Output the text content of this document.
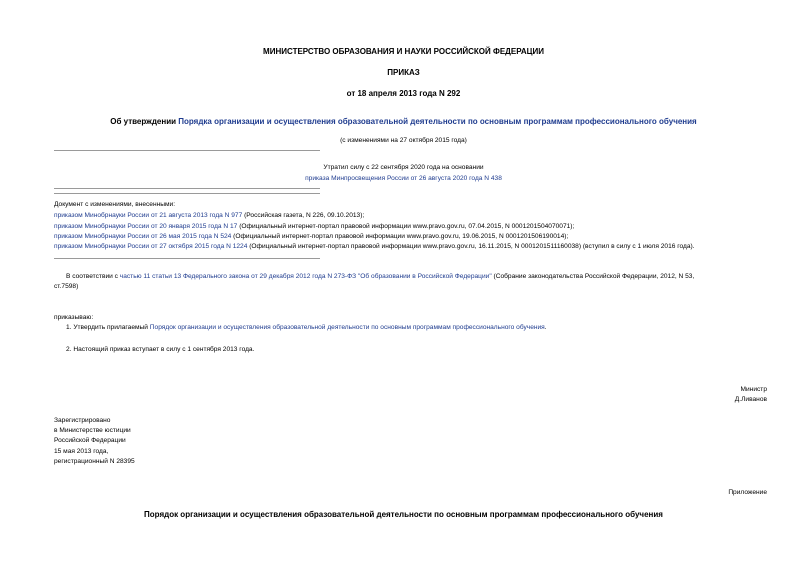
МИНИСТЕРСТВО ОБРАЗОВАНИЯ И НАУКИ РОССИЙСКОЙ ФЕДЕРАЦИИ
ПРИКАЗ
от 18 апреля 2013 года N 292
Об утверждении Порядка организации и осуществления образовательной деятельности по основным программам профессионального обучения
(с изменениями на 27 октября 2015 года)
Утратил силу с 22 сентября 2020 года на основании
приказа Минпросвещения России от 26 августа 2020 года N 438
Документ с изменениями, внесенными:
приказом Минобрнауки России от 21 августа 2013 года N 977 (Российская газета, N 226, 09.10.2013);
приказом Минобрнауки России от 20 января 2015 года N 17 (Официальный интернет-портал правовой информации www.pravo.gov.ru, 07.04.2015, N 0001201504070071);
приказом Минобрнауки России от 26 мая 2015 года N 524 (Официальный интернет-портал правовой информации www.pravo.gov.ru, 19.06.2015, N 0001201506190014);
приказом Минобрнауки России от 27 октября 2015 года N 1224 (Официальный интернет-портал правовой информации www.pravo.gov.ru, 16.11.2015, N 0001201511160038) (вступил в силу с 1 июля 2016 года).
В соответствии с частью 11 статьи 13 Федерального закона от 29 декабря 2012 года N 273-ФЗ "Об образовании в Российской Федерации" (Собрание законодательства Российской Федерации, 2012, N 53,
ст.7598)
приказываю:
1. Утвердить прилагаемый Порядок организации и осуществления образовательной деятельности по основным программам профессионального обучения.
2. Настоящий приказ вступает в силу с 1 сентября 2013 года.
Министр
Д.Ливанов
Зарегистрировано
в Министерстве юстиции
Российской Федерации
15 мая 2013 года,
регистрационный N 28395
Приложение
Порядок организации и осуществления образовательной деятельности по основным программам профессионального обучения
